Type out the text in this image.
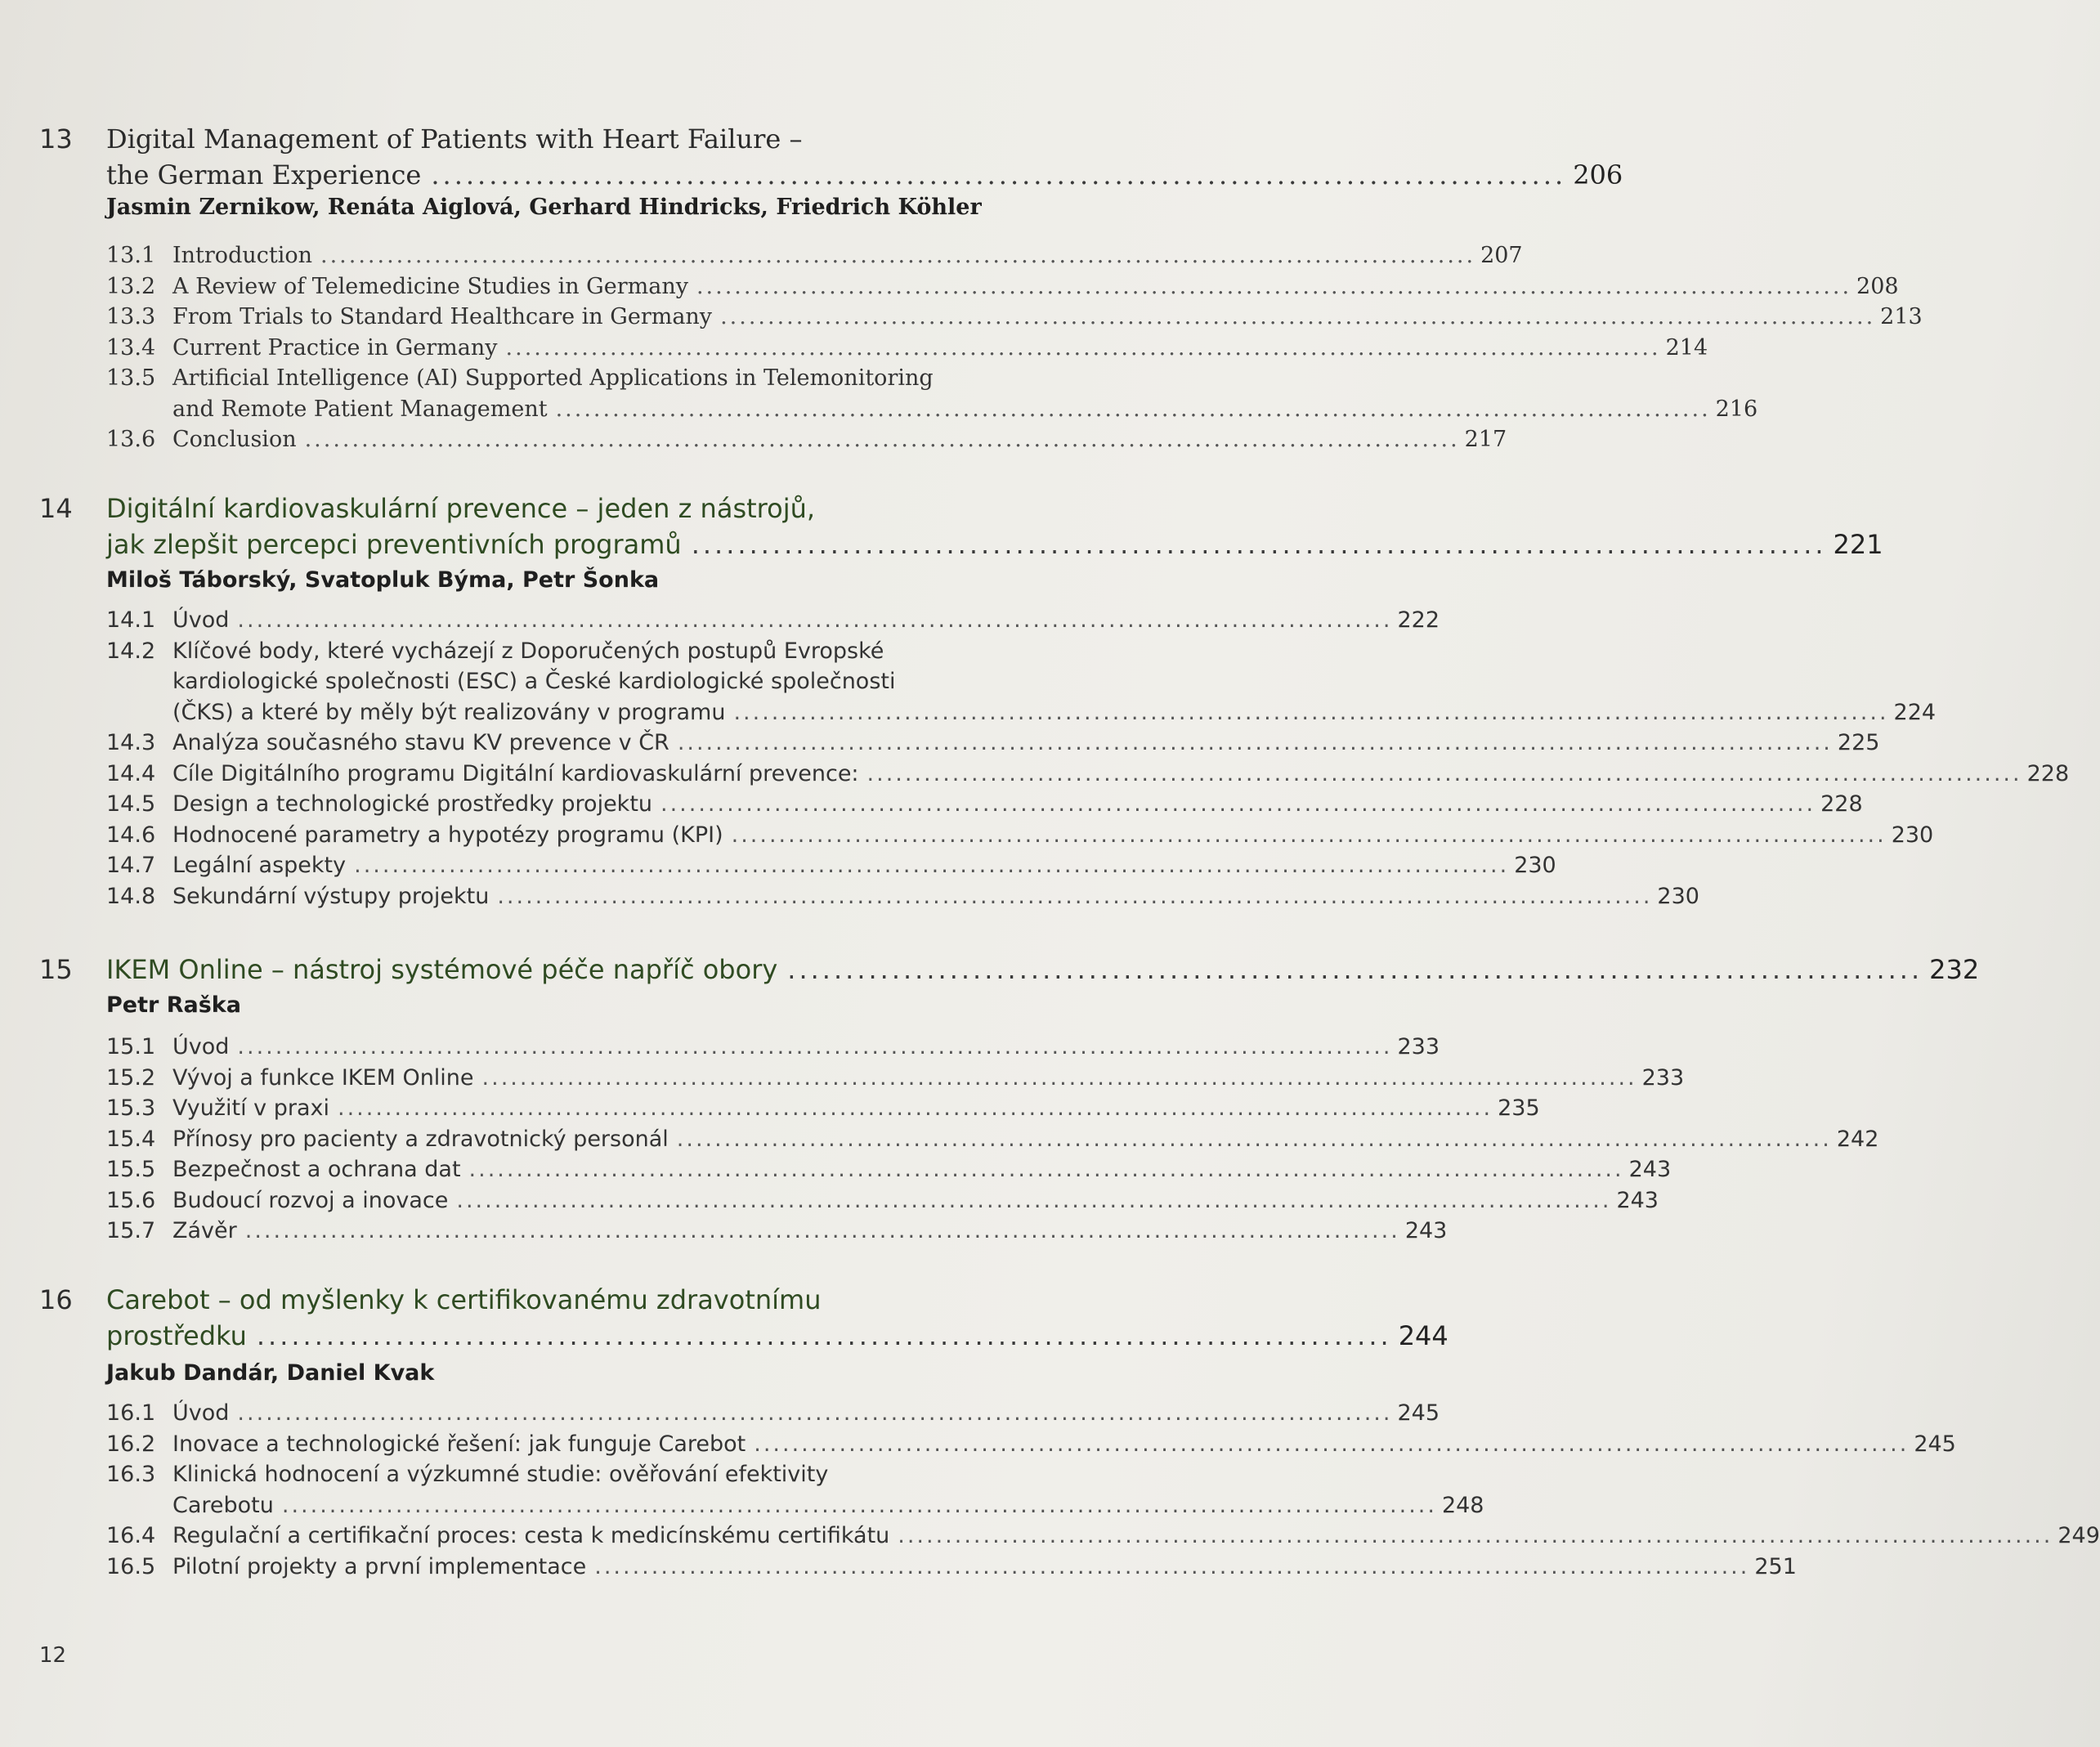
13 Digital Management of Patients with Heart Failure –
the German Experience .................................................................................................. 206
Jasmin Zernikow, Renáta Aiglová, Gerhard Hindricks, Friedrich Köhler
13.1 Introduction .......................................................................................................................... 207
13.2 A Review of Telemedicine Studies in Germany .......................................................................................................................... 208
13.3 From Trials to Standard Healthcare in Germany .......................................................................................................................... 213
13.4 Current Practice in Germany .......................................................................................................................... 214
13.5 Artificial Intelligence (AI) Supported Applications in Telemonitoring
and Remote Patient Management .......................................................................................................................... 216
13.6 Conclusion .......................................................................................................................... 217
14 Digitální kardiovaskulární prevence – jeden z nástrojů,
jak zlepšit percepci preventivních programů .................................................................................................. 221
Miloš Táborský, Svatopluk Býma, Petr Šonka
14.1 Úvod .......................................................................................................................... 222
14.2 Klíčové body, které vycházejí z Doporučených postupů Evropské
kardiologické společnosti (ESC) a České kardiologické společnosti
(ČKS) a které by měly být realizovány v programu .......................................................................................................................... 224
14.3 Analýza současného stavu KV prevence v ČR .......................................................................................................................... 225
14.4 Cíle Digitálního programu Digitální kardiovaskulární prevence: .......................................................................................................................... 228
14.5 Design a technologické prostředky projektu .......................................................................................................................... 228
14.6 Hodnocené parametry a hypotézy programu (KPI) .......................................................................................................................... 230
14.7 Legální aspekty .......................................................................................................................... 230
14.8 Sekundární výstupy projektu .......................................................................................................................... 230
15 IKEM Online – nástroj systémové péče napříč obory .................................................................................................. 232
Petr Raška
15.1 Úvod .......................................................................................................................... 233
15.2 Vývoj a funkce IKEM Online .......................................................................................................................... 233
15.3 Využití v praxi .......................................................................................................................... 235
15.4 Přínosy pro pacienty a zdravotnický personál .......................................................................................................................... 242
15.5 Bezpečnost a ochrana dat .......................................................................................................................... 243
15.6 Budoucí rozvoj a inovace .......................................................................................................................... 243
15.7 Závěr .......................................................................................................................... 243
16 Carebot – od myšlenky k certifikovanému zdravotnímu
prostředku .................................................................................................. 244
Jakub Dandár, Daniel Kvak
16.1 Úvod .......................................................................................................................... 245
16.2 Inovace a technologické řešení: jak funguje Carebot .......................................................................................................................... 245
16.3 Klinická hodnocení a výzkumné studie: ověřování efektivity
Carebotu .......................................................................................................................... 248
16.4 Regulační a certifikační proces: cesta k medicínskému certifikátu .......................................................................................................................... 249
16.5 Pilotní projekty a první implementace .......................................................................................................................... 251
12
